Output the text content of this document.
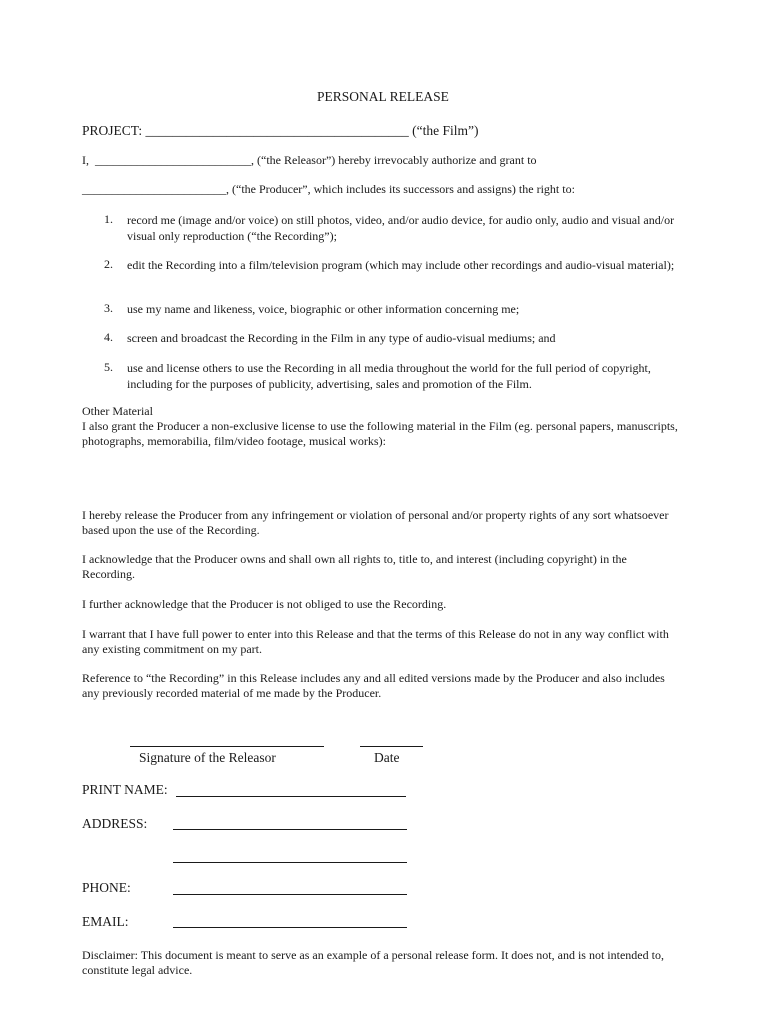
PERSONAL RELEASE
PROJECT: _______________________________________ (“the Film”)
I, __________________________, (“the Releasor”) hereby irrevocably authorize and grant to
________________________, (“the Producer”, which includes its successors and assigns) the right to:
1. record me (image and/or voice) on still photos, video, and/or audio device, for audio only, audio and visual and/or visual only reproduction (“the Recording”);
2. edit the Recording into a film/television program (which may include other recordings and audio-visual material);
3. use my name and likeness, voice, biographic or other information concerning me;
4. screen and broadcast the Recording in the Film in any type of audio-visual mediums; and
5. use and license others to use the Recording in all media throughout the world for the full period of copyright, including for the purposes of publicity, advertising, sales and promotion of the Film.
Other Material
I also grant the Producer a non-exclusive license to use the following material in the Film (eg. personal papers, manuscripts, photographs, memorabilia, film/video footage, musical works):
I hereby release the Producer from any infringement or violation of personal and/or property rights of any sort whatsoever based upon the use of the Recording.
I acknowledge that the Producer owns and shall own all rights to, title to, and interest (including copyright) in the Recording.
I further acknowledge that the Producer is not obliged to use the Recording.
I warrant that I have full power to enter into this Release and that the terms of this Release do not in any way conflict with any existing commitment on my part.
Reference to “the Recording” in this Release includes any and all edited versions made by the Producer and also includes any previously recorded material of me made by the Producer.
Signature of the Releasor	Date
PRINT NAME:
ADDRESS:
PHONE:
EMAIL:
Disclaimer: This document is meant to serve as an example of a personal release form. It does not, and is not intended to, constitute legal advice.
